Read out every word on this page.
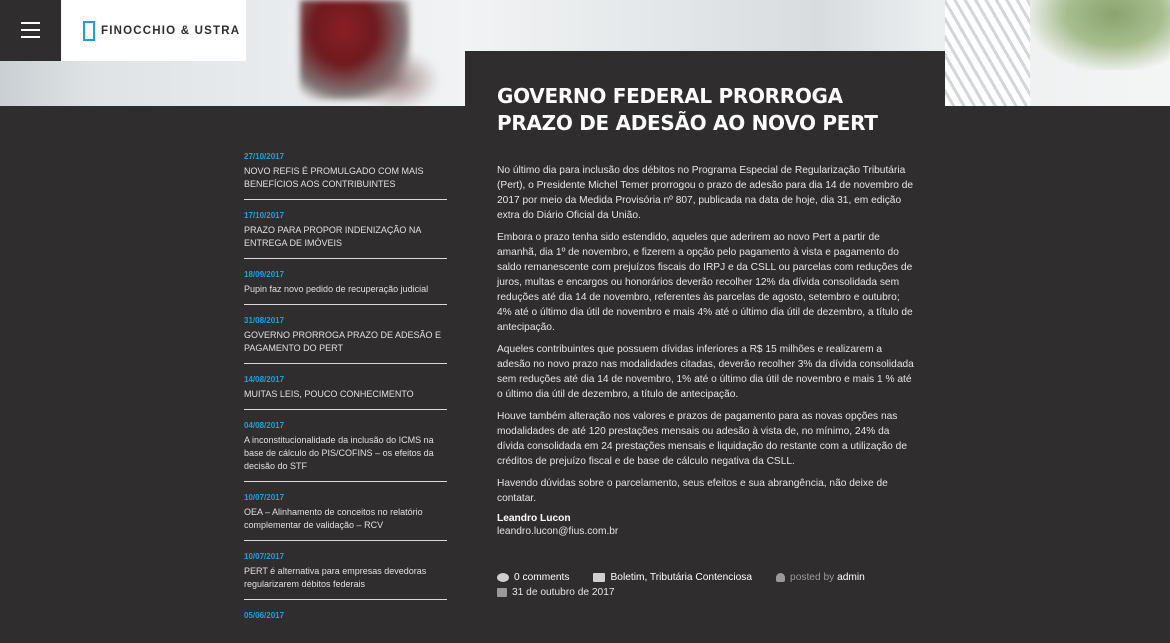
FINOCCHIO & USTRA
27/10/2017
NOVO REFIS É PROMULGADO COM MAIS BENEFÍCIOS AOS CONTRIBUINTES
17/10/2017
PRAZO PARA PROPOR INDENIZAÇÃO NA ENTREGA DE IMÓVEIS
18/09/2017
Pupin faz novo pedido de recuperação judicial
31/08/2017
GOVERNO PRORROGA PRAZO DE ADESÃO E PAGAMENTO DO PERT
14/08/2017
MUITAS LEIS, POUCO CONHECIMENTO
04/08/2017
A inconstitucionalidade da inclusão do ICMS na base de cálculo do PIS/COFINS – os efeitos da decisão do STF
10/07/2017
OEA – Alinhamento de conceitos no relatório complementar de validação – RCV
10/07/2017
PERT é alternativa para empresas devedoras regularizarem débitos federais
05/06/2017
GOVERNO FEDERAL PRORROGA PRAZO DE ADESÃO AO NOVO PERT

No último dia para inclusão dos débitos no Programa Especial de Regularização Tributária (Pert), o Presidente Michel Temer prorrogou o prazo de adesão para dia 14 de novembro de 2017 por meio da Medida Provisória nº 807, publicada na data de hoje, dia 31, em edição extra do Diário Oficial da União.

Embora o prazo tenha sido estendido, aqueles que aderirem ao novo Pert a partir de amanhã, dia 1º de novembro, e fizerem a opção pelo pagamento à vista e pagamento do saldo remanescente com prejuízos fiscais do IRPJ e da CSLL ou parcelas com reduções de juros, multas e encargos ou honorários deverão recolher 12% da dívida consolidada sem reduções até dia 14 de novembro, referentes às parcelas de agosto, setembro e outubro; 4% até o último dia útil de novembro e mais 4% até o último dia útil de dezembro, a título de antecipação.

Aqueles contribuintes que possuem dívidas inferiores a R$ 15 milhões e realizarem a adesão no novo prazo nas modalidades citadas, deverão recolher 3% da dívida consolidada sem reduções até dia 14 de novembro, 1% até o último dia útil de novembro e mais 1 % até o último dia útil de dezembro, a título de antecipação.

Houve também alteração nos valores e prazos de pagamento para as novas opções nas modalidades de até 120 prestações mensais ou adesão à vista de, no mínimo, 24% da dívida consolidada em 24 prestações mensais e liquidação do restante com a utilização de créditos de prejuízo fiscal e de base de cálculo negativa da CSLL.

Havendo dúvidas sobre o parcelamento, seus efeitos e sua abrangência, não deixe de contatar.

Leandro Lucon
leandro.lucon@fius.com.br
0 comments	Boletim, Tributária Contenciosa	posted by
admin
31 de outubro de 2017
